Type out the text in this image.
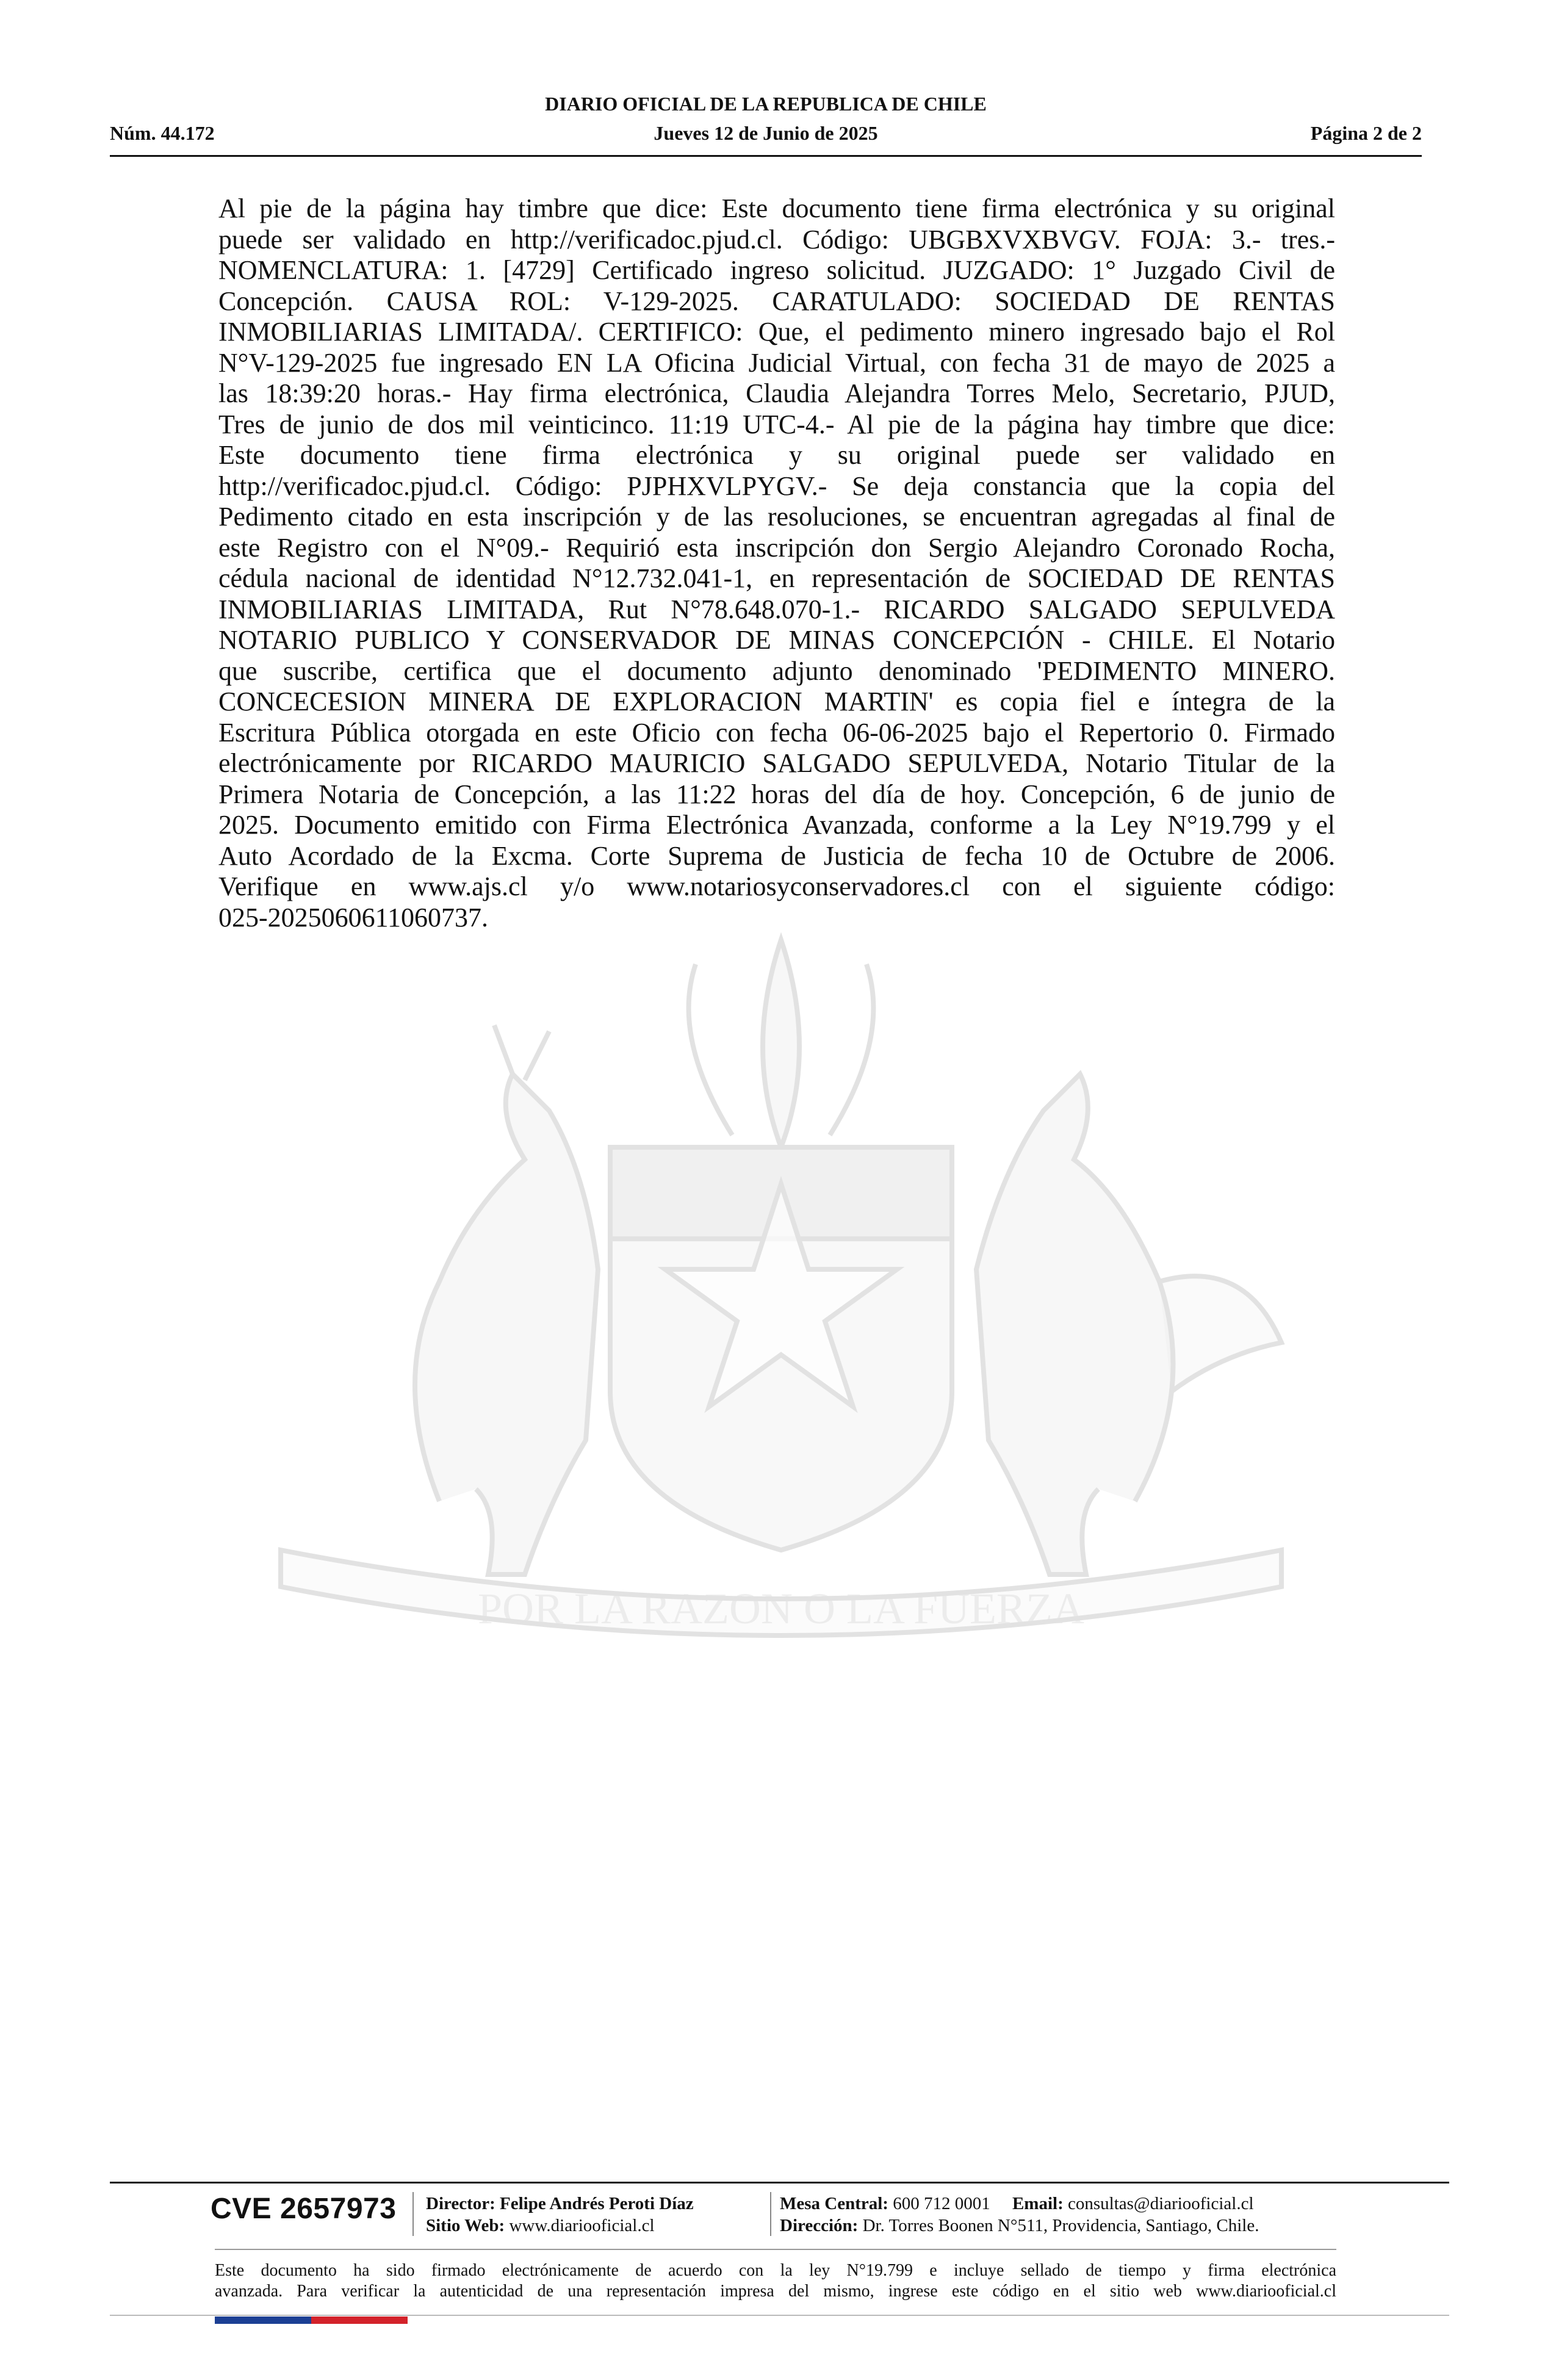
DIARIO OFICIAL DE LA REPUBLICA DE CHILE
Jueves 12 de Junio de 2025
Núm. 44.172	Página 2 de 2
POR LA RAZON O LA FUERZA
Al pie de la página hay timbre que dice: Este documento tiene firma electrónica y su original
puede ser validado en http://verificadoc.pjud.cl. Código: UBGBXVXBVGV. FOJA: 3.- tres.-
NOMENCLATURA: 1. [4729] Certificado ingreso solicitud. JUZGADO: 1° Juzgado Civil de
Concepción. CAUSA ROL: V-129-2025. CARATULADO: SOCIEDAD DE RENTAS
INMOBILIARIAS LIMITADA/. CERTIFICO: Que, el pedimento minero ingresado bajo el Rol
N°V-129-2025 fue ingresado EN LA Oficina Judicial Virtual, con fecha 31 de mayo de 2025 a
las 18:39:20 horas.- Hay firma electrónica, Claudia Alejandra Torres Melo, Secretario, PJUD,
Tres de junio de dos mil veinticinco. 11:19 UTC-4.- Al pie de la página hay timbre que dice:
Este documento tiene firma electrónica y su original puede ser validado en
http://verificadoc.pjud.cl. Código: PJPHXVLPYGV.- Se deja constancia que la copia del
Pedimento citado en esta inscripción y de las resoluciones, se encuentran agregadas al final de
este Registro con el N°09.- Requirió esta inscripción don Sergio Alejandro Coronado Rocha,
cédula nacional de identidad N°12.732.041-1, en representación de SOCIEDAD DE RENTAS
INMOBILIARIAS LIMITADA, Rut N°78.648.070-1.- RICARDO SALGADO SEPULVEDA
NOTARIO PUBLICO Y CONSERVADOR DE MINAS CONCEPCIÓN - CHILE. El Notario
que suscribe, certifica que el documento adjunto denominado 'PEDIMENTO MINERO.
CONCECESION MINERA DE EXPLORACION MARTIN' es copia fiel e íntegra de la
Escritura Pública otorgada en este Oficio con fecha 06-06-2025 bajo el Repertorio 0. Firmado
electrónicamente por RICARDO MAURICIO SALGADO SEPULVEDA, Notario Titular de la
Primera Notaria de Concepción, a las 11:22 horas del día de hoy. Concepción, 6 de junio de
2025. Documento emitido con Firma Electrónica Avanzada, conforme a la Ley N°19.799 y el
Auto Acordado de la Excma. Corte Suprema de Justicia de fecha 10 de Octubre de 2006.
Verifique en www.ajs.cl y/o www.notariosyconservadores.cl con el siguiente código:
025-2025060611060737.
CVE 2657973 Director: Felipe Andrés Peroti Díaz
Sitio Web: www.diariooficial.cl
Mesa Central: 600 712 0001 Email: consultas@diariooficial.cl
Dirección: Dr. Torres Boonen N°511, Providencia, Santiago, Chile.
Este documento ha sido firmado electrónicamente de acuerdo con la ley N°19.799 e incluye sellado de tiempo y firma electrónica
avanzada. Para verificar la autenticidad de una representación impresa del mismo, ingrese este código en el sitio web www.diariooficial.cl
